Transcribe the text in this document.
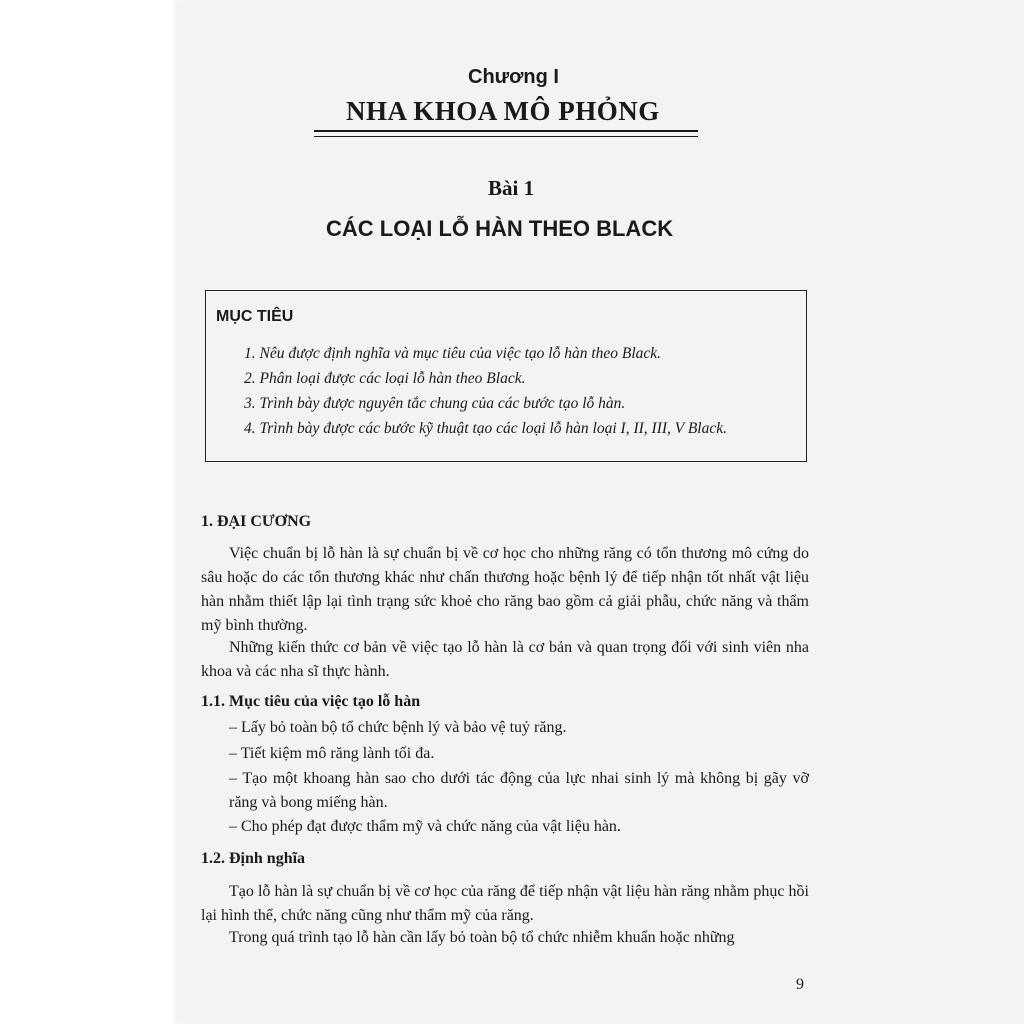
Chương I
NHA KHOA MÔ PHỎNG
Bài 1
CÁC LOẠI LỖ HÀN THEO BLACK
MỤC TIÊU
1. Nêu được định nghĩa và mục tiêu của việc tạo lỗ hàn theo Black.
2. Phân loại được các loại lỗ hàn theo Black.
3. Trình bày được nguyên tắc chung của các bước tạo lỗ hàn.
4. Trình bày được các bước kỹ thuật tạo các loại lỗ hàn loại I, II, III, V Black.
1. ĐẠI CƯƠNG
Việc chuẩn bị lỗ hàn là sự chuẩn bị về cơ học cho những răng có tổn thương mô cứng do sâu hoặc do các tổn thương khác như chấn thương hoặc bệnh lý để tiếp nhận tốt nhất vật liệu hàn nhằm thiết lập lại tình trạng sức khoẻ cho răng bao gồm cả giải phẫu, chức năng và thẩm mỹ bình thường.
Những kiến thức cơ bản về việc tạo lỗ hàn là cơ bản và quan trọng đối với sinh viên nha khoa và các nha sĩ thực hành.
1.1. Mục tiêu của việc tạo lỗ hàn
– Lấy bỏ toàn bộ tổ chức bệnh lý và bảo vệ tuỷ răng.
– Tiết kiệm mô răng lành tối đa.
– Tạo một khoang hàn sao cho dưới tác động của lực nhai sinh lý mà không bị gãy vỡ răng và bong miếng hàn.
– Cho phép đạt được thẩm mỹ và chức năng của vật liệu hàn.
1.2. Định nghĩa
Tạo lỗ hàn là sự chuẩn bị về cơ học của răng để tiếp nhận vật liệu hàn răng nhằm phục hồi lại hình thể, chức năng cũng như thẩm mỹ của răng.
Trong quá trình tạo lỗ hàn cần lấy bỏ toàn bộ tổ chức nhiễm khuẩn hoặc những
9
